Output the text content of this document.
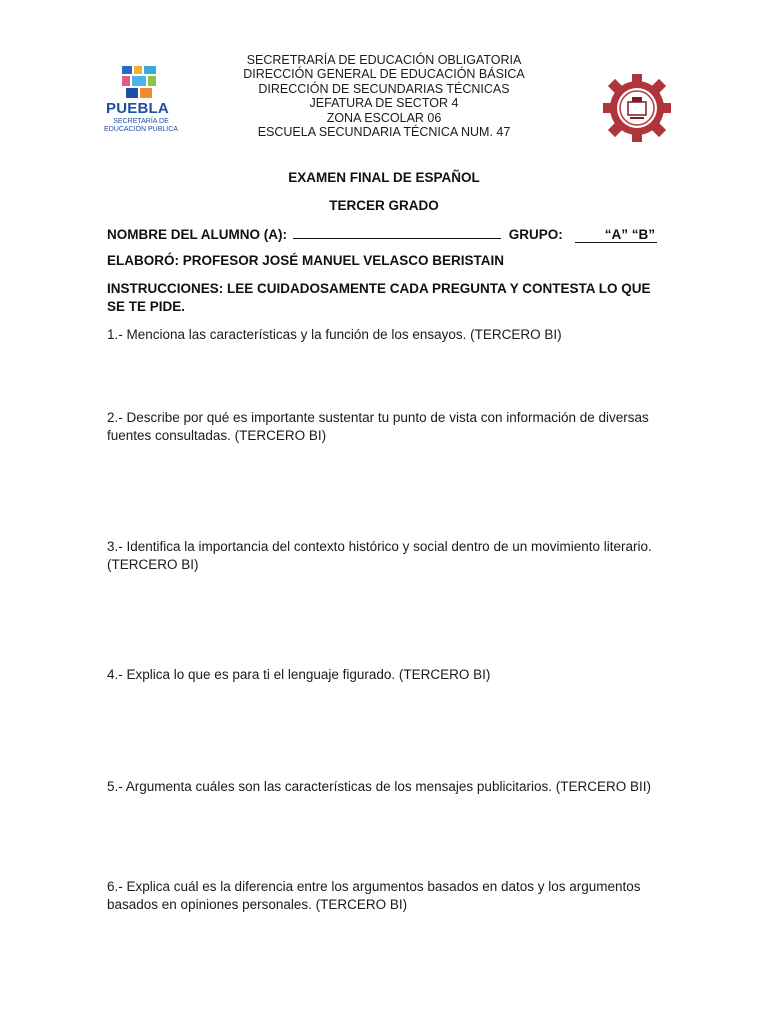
PUEBLA
SECRETARÍA DE
EDUCACIÓN PÚBLICA
SECRETRARÍA DE EDUCACIÓN OBLIGATORIA
DIRECCIÓN GENERAL DE EDUCACIÓN BÁSICA
DIRECCIÓN DE SECUNDARIAS TÉCNICAS
JEFATURA DE SECTOR 4
ZONA ESCOLAR 06
ESCUELA SECUNDARIA TÉCNICA NUM. 47
EXAMEN FINAL DE ESPAÑOL
TERCER GRADO
NOMBRE DEL ALUMNO (A):	GRUPO:	“A” “B”
ELABORÓ: PROFESOR JOSÉ MANUEL VELASCO BERISTAIN
INSTRUCCIONES: LEE CUIDADOSAMENTE CADA PREGUNTA Y CONTESTA LO QUE SE TE PIDE.
1.- Menciona las características y la función de los ensayos. (TERCERO BI)
2.- Describe por qué es importante sustentar tu punto de vista con información de diversas fuentes consultadas. (TERCERO BI)
3.- Identifica la importancia del contexto histórico y social dentro de un movimiento literario. (TERCERO BI)
4.- Explica lo que es para ti el lenguaje figurado. (TERCERO BI)
5.- Argumenta cuáles son las características de los mensajes publicitarios. (TERCERO BII)
6.- Explica cuál es la diferencia entre los argumentos basados en datos y los argumentos basados en opiniones personales. (TERCERO BI)
